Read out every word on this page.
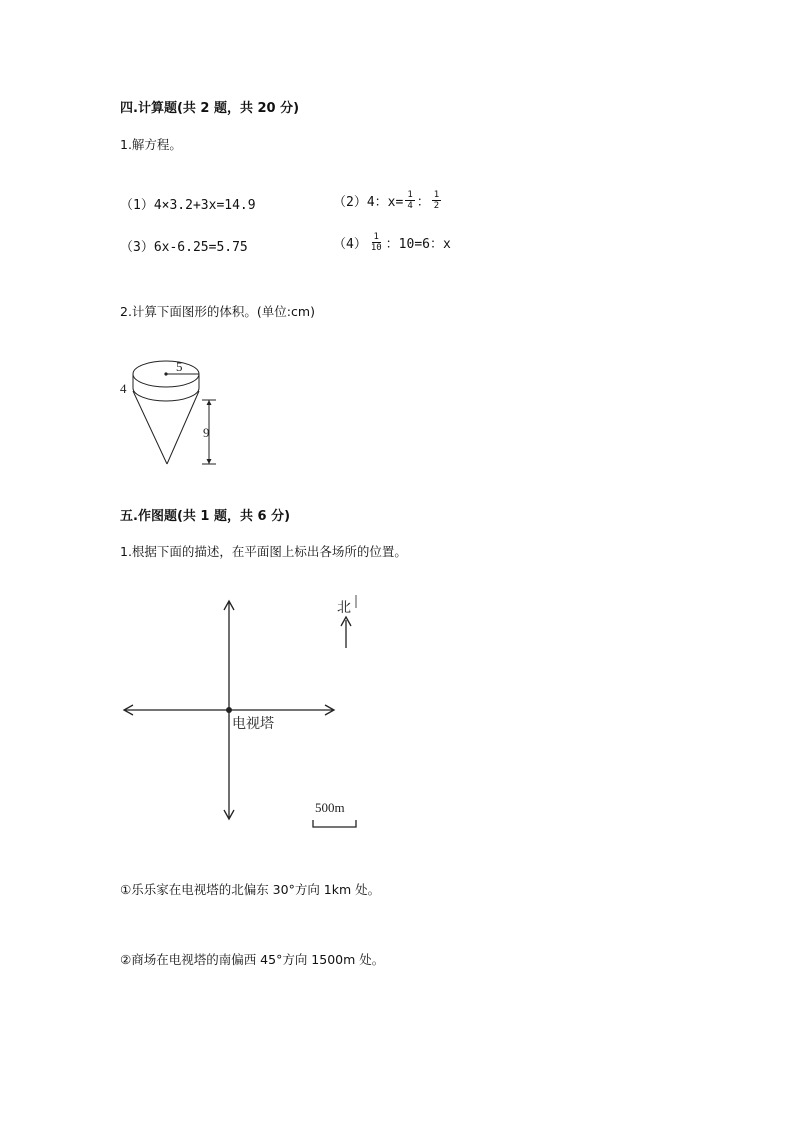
四.计算题(共 2 题，共 20 分)
1.解方程。
（1）4×3.2+3x=14.9	（2）4：$x= \frac{1}{4}$ ： $\frac{1}{2}$
（3）6x-6.25=5.75	$(4) \frac{1}{10}$ ：10=6：x
2.计算下面图形的体积。(单位:cm)
5
4
9
五.作图题(共 1 题，共 6 分)
1.根据下面的描述，在平面图上标出各场所的位置。
北
电视塔
500m
①乐乐家在电视塔的北偏东 30°方向 1km 处。
②商场在电视塔的南偏西 45°方向 1500m 处。
